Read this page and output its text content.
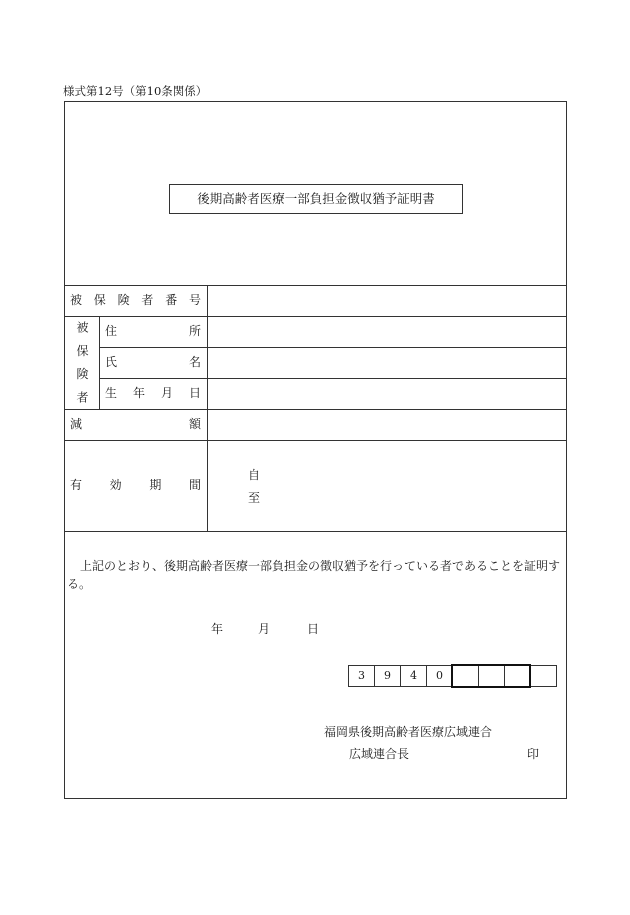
様式第12号（第10条関係）
後期高齢者医療一部負担金徴収猶予証明書
被保険者番号
被保険者 住所
氏名
生年月日
減額
有効期間
自
至
上記のとおり、後期高齢者医療一部負担金の徴収猶予を行っている者であることを証明する。
年	月	日
3	9	4	0
福岡県後期高齢者医療広域連合
広域連合長	印
